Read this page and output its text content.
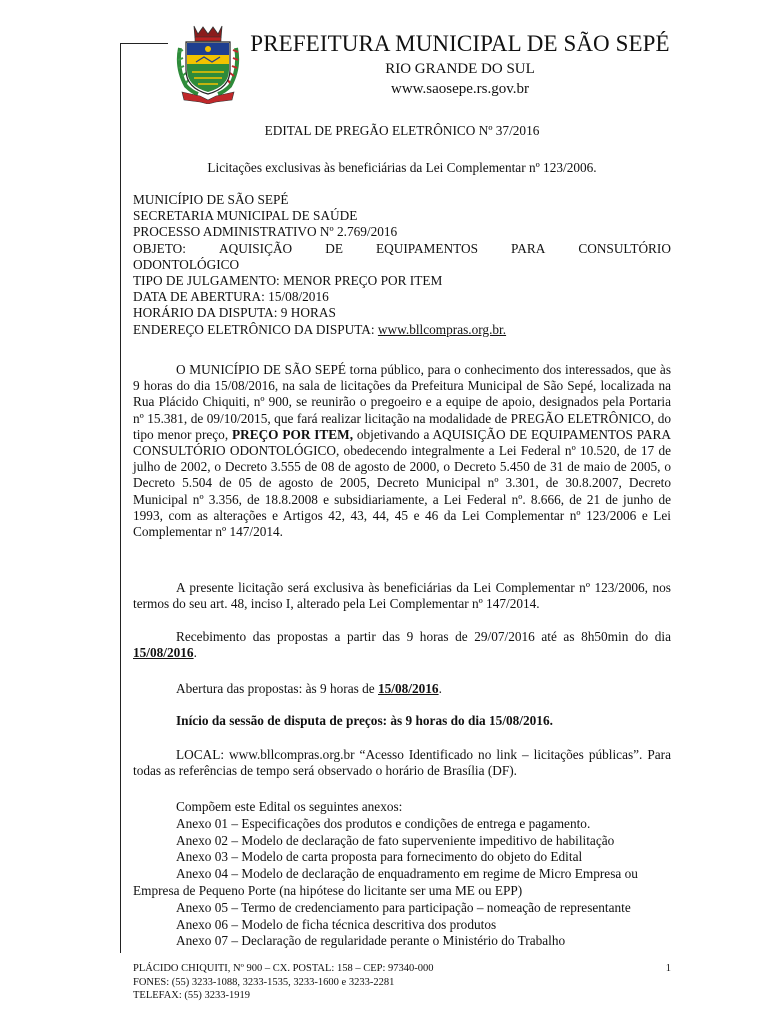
PREFEITURA MUNICIPAL DE SÃO SEPÉ
RIO GRANDE DO SUL
www.saosepe.rs.gov.br
EDITAL DE PREGÃO ELETRÔNICO Nº 37/2016
Licitações exclusivas às beneficiárias da Lei Complementar nº 123/2006.
MUNICÍPIO DE SÃO SEPÉ
SECRETARIA MUNICIPAL DE SAÚDE
PROCESSO ADMINISTRATIVO Nº 2.769/2016
OBJETO: AQUISIÇÃO DE EQUIPAMENTOS PARA CONSULTÓRIO
ODONTOLÓGICO
TIPO DE JULGAMENTO: MENOR PREÇO POR ITEM
DATA DE ABERTURA: 15/08/2016
HORÁRIO DA DISPUTA: 9 HORAS
ENDEREÇO ELETRÔNICO DA DISPUTA: www.bllcompras.org.br.
O MUNICÍPIO DE SÃO SEPÉ torna público, para o conhecimento dos interessados, que às 9 horas do dia 15/08/2016, na sala de licitações da Prefeitura Municipal de São Sepé, localizada na Rua Plácido Chiquiti, nº 900, se reunirão o pregoeiro e a equipe de apoio, designados pela Portaria nº 15.381, de 09/10/2015, que fará realizar licitação na modalidade de PREGÃO ELETRÔNICO, do tipo menor preço, PREÇO POR ITEM, objetivando a AQUISIÇÃO DE EQUIPAMENTOS PARA CONSULTÓRIO ODONTOLÓGICO, obedecendo integralmente a Lei Federal nº 10.520, de 17 de julho de 2002, o Decreto 3.555 de 08 de agosto de 2000, o Decreto 5.450 de 31 de maio de 2005, o Decreto 5.504 de 05 de agosto de 2005, Decreto Municipal nº 3.301, de 30.8.2007, Decreto Municipal nº 3.356, de 18.8.2008 e subsidiariamente, a Lei Federal nº. 8.666, de 21 de junho de 1993, com as alterações e Artigos 42, 43, 44, 45 e 46 da Lei Complementar nº 123/2006 e Lei Complementar nº 147/2014.
A presente licitação será exclusiva às beneficiárias da Lei Complementar nº 123/2006, nos termos do seu art. 48, inciso I, alterado pela Lei Complementar nº 147/2014.
Recebimento das propostas a partir das 9 horas de 29/07/2016 até as 8h50min do dia 15/08/2016.
Abertura das propostas: às 9 horas de 15/08/2016.
Início da sessão de disputa de preços: às 9 horas do dia 15/08/2016.
LOCAL: www.bllcompras.org.br “Acesso Identificado no link – licitações públicas”. Para todas as referências de tempo será observado o horário de Brasília (DF).
Compõem este Edital os seguintes anexos:
Anexo 01 – Especificações dos produtos e condições de entrega e pagamento.
Anexo 02 – Modelo de declaração de fato superveniente impeditivo de habilitação
Anexo 03 – Modelo de carta proposta para fornecimento do objeto do Edital
Anexo 04 – Modelo de declaração de enquadramento em regime de Micro Empresa ou Empresa de Pequeno Porte (na hipótese do licitante ser uma ME ou EPP)
Anexo 05 – Termo de credenciamento para participação – nomeação de representante
Anexo 06 – Modelo de ficha técnica descritiva dos produtos
Anexo 07 – Declaração de regularidade perante o Ministério do Trabalho
PLÁCIDO CHIQUITI, Nº 900 – CX. POSTAL: 158 – CEP: 97340-000	1
FONES: (55) 3233-1088, 3233-1535, 3233-1600 e 3233-2281
TELEFAX: (55) 3233-1919
